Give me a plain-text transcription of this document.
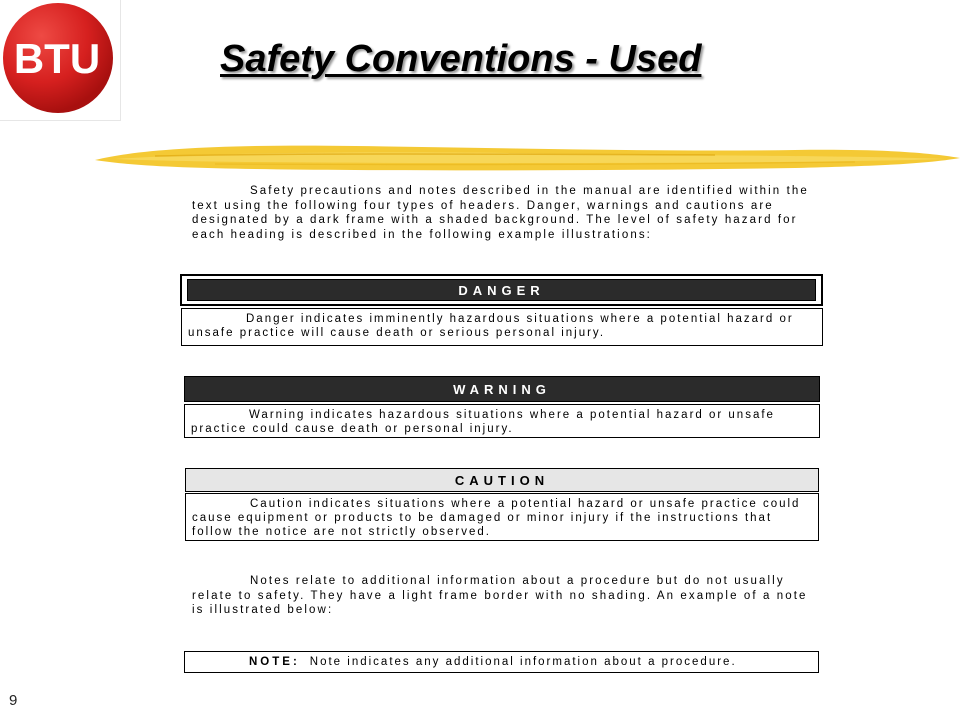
BTU	Safety Conventions - Used

Safety precautions and notes described in the manual are identified within the text using the following four types of headers. Danger, warnings and cautions are designated by a dark frame with a shaded background. The level of safety hazard for each heading is described in the following example illustrations:

DANGER
Danger indicates imminently hazardous situations where a potential hazard or unsafe practice will cause death or serious personal injury.
WARNING
Warning indicates hazardous situations where a potential hazard or unsafe practice could cause death or personal injury.
CAUTION
Caution indicates situations where a potential hazard or unsafe practice could cause equipment or products to be damaged or minor injury if the instructions that follow the notice are not strictly observed.

Notes relate to additional information about a procedure but do not usually relate to safety. They have a light frame border with no shading. An example of a note is illustrated below:

NOTE: Note indicates any additional information about a procedure.
9
